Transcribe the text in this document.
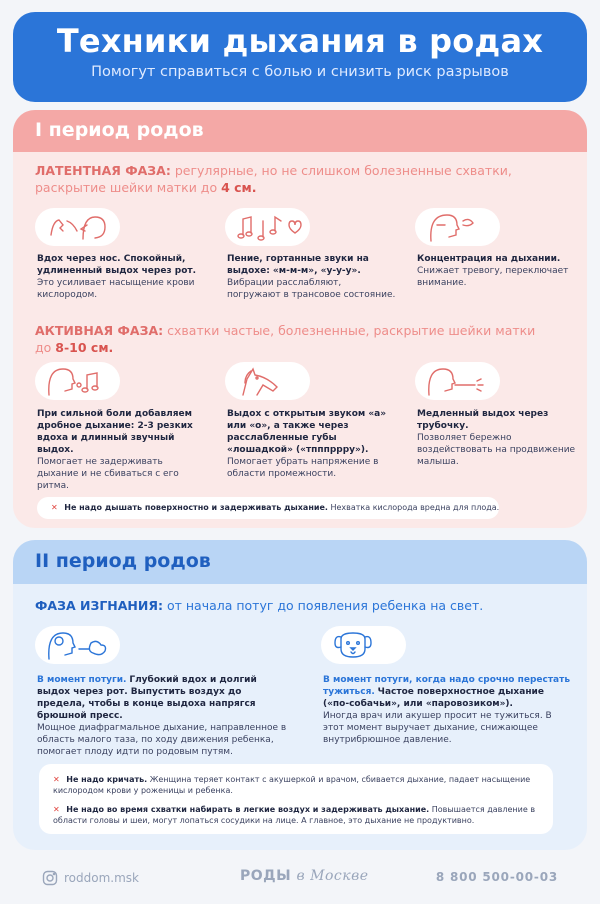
Техники дыхания в родах
Помогут справиться с болью и снизить риск разрывов
I период родов
ЛАТЕНТНАЯ ФАЗА: регулярные, но не слишком болезненные схватки, раскрытие шейки матки до 4 см.
Вдох через нос. Спокойный, удлиненный выдох через рот.
Это усиливает насыщение крови кислородом.
Пение, гортанные звуки на выдохе: «м-м-м», «у-у-у».
Вибрации расслабляют, погружают в трансовое состояние.
Концентрация на дыхании.
Снижает тревогу, переключает внимание.
АКТИВНАЯ ФАЗА: схватки частые, болезненные, раскрытие шейки матки до 8-10 см.
При сильной боли добавляем дробное дыхание: 2-3 резких вдоха и длинный звучный выдох.
Помогает не задерживать дыхание и не сбиваться с его ритма.
Выдох с открытым звуком «а» или «о», а также через расслабленные губы «лошадкой» («тпппррру»).
Помогает убрать напряжение в области промежности.
Медленный выдох через трубочку.
Позволяет бережно воздействовать на продвижение малыша.
✕ Не надо дышать поверхностно и задерживать дыхание. Нехватка кислорода вредна для плода.
II период родов
ФАЗА ИЗГНАНИЯ: от начала потуг до появления ребенка на свет.
В момент потуги. Глубокий вдох и долгий выдох через рот. Выпустить воздух до предела, чтобы в конце выдоха напрягся брюшной пресс.
Мощное диафрагмальное дыхание, направленное в область малого таза, по ходу движения ребенка, помогает плоду идти по родовым путям.
В момент потуги, когда надо срочно перестать тужиться. Частое поверхностное дыхание («по-собачьи», или «паровозиком»).
Иногда врач или акушер просит не тужиться. В этот момент выручает дыхание, снижающее внутрибрюшное давление.

✕ Не надо кричать. Женщина теряет контакт с акушеркой и врачом, сбивается дыхание, падает насыщение кислородом крови у роженицы и ребенка.

✕ Не надо во время схватки набирать в легкие воздух и задерживать дыхание. Повышается давление в области головы и шеи, могут лопаться сосудики на лице. А главное, это дыхание не продуктивно.

roddom.msk	РОДЫ в Москве	8 800 500-00-03
